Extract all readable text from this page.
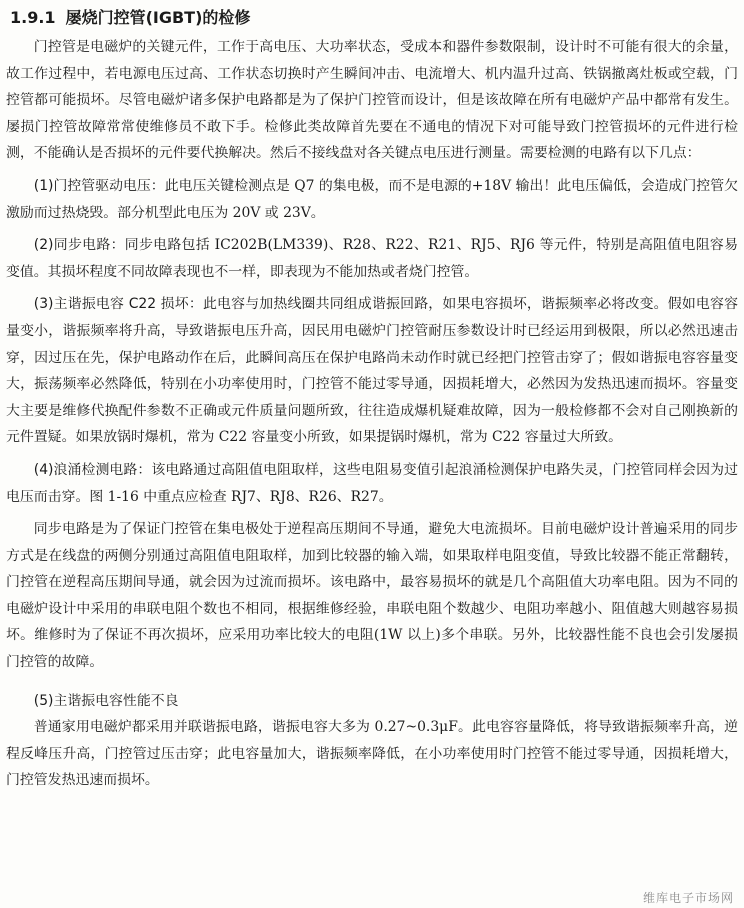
1.9.1 屡烧门控管(IGBT)的检修

门控管是电磁炉的关键元件，工作于高电压、大功率状态，受成本和器件参数限制，设计时不可能有很大的余量，故工作过程中，若电源电压过高、工作状态切换时产生瞬间冲击、电流增大、机内温升过高、铁锅撤离灶板或空载，门控管都可能损坏。尽管电磁炉诸多保护电路都是为了保护门控管而设计，但是该故障在所有电磁炉产品中都常有发生。屡损门控管故障常常使维修员不敢下手。检修此类故障首先要在不通电的情况下对可能导致门控管损坏的元件进行检测，不能确认是否损坏的元件要代换解决。然后不接线盘对各关键点电压进行测量。需要检测的电路有以下几点：

(1)门控管驱动电压：此电压关键检测点是 Q7 的集电极，而不是电源的+18V 输出！此电压偏低，会造成门控管欠激励而过热烧毁。部分机型此电压为 20V 或 23V。

(2)同步电路：同步电路包括 IC202B(LM339)、R28、R22、R21、RJ5、RJ6 等元件，特别是高阻值电阻容易变值。其损坏程度不同故障表现也不一样，即表现为不能加热或者烧门控管。

(3)主谐振电容 C22 损坏：此电容与加热线圈共同组成谐振回路，如果电容损坏，谐振频率必将改变。假如电容容量变小，谐振频率将升高，导致谐振电压升高，因民用电磁炉门控管耐压参数设计时已经运用到极限，所以必然迅速击穿，因过压在先，保护电路动作在后，此瞬间高压在保护电路尚未动作时就已经把门控管击穿了；假如谐振电容容量变大，振荡频率必然降低，特别在小功率使用时，门控管不能过零导通，因损耗增大，必然因为发热迅速而损坏。容量变大主要是维修代换配件参数不正确或元件质量问题所致，往往造成爆机疑难故障，因为一般检修都不会对自己刚换新的元件置疑。如果放锅时爆机，常为 C22 容量变小所致，如果提锅时爆机，常为 C22 容量过大所致。

(4)浪涌检测电路：该电路通过高阻值电阻取样，这些电阻易变值引起浪涌检测保护电路失灵，门控管同样会因为过电压而击穿。图 1-16 中重点应检查 RJ7、RJ8、R26、R27。

同步电路是为了保证门控管在集电极处于逆程高压期间不导通，避免大电流损坏。目前电磁炉设计普遍采用的同步方式是在线盘的两侧分别通过高阻值电阻取样，加到比较器的输入端，如果取样电阻变值，导致比较器不能正常翻转，门控管在逆程高压期间导通，就会因为过流而损坏。该电路中，最容易损坏的就是几个高阻值大功率电阻。因为不同的电磁炉设计中采用的串联电阻个数也不相同，根据维修经验，串联电阻个数越少、电阻功率越小、阻值越大则越容易损坏。维修时为了保证不再次损坏，应采用功率比较大的电阻(1W 以上)多个串联。另外，比较器性能不良也会引发屡损门控管的故障。

(5)主谐振电容性能不良

普通家用电磁炉都采用并联谐振电路，谐振电容大多为 0.27~0.3μF。此电容容量降低，将导致谐振频率升高，逆程反峰压升高，门控管过压击穿；此电容量加大，谐振频率降低，在小功率使用时门控管不能过零导通，因损耗增大，门控管发热迅速而损坏。

维库电子市场网
